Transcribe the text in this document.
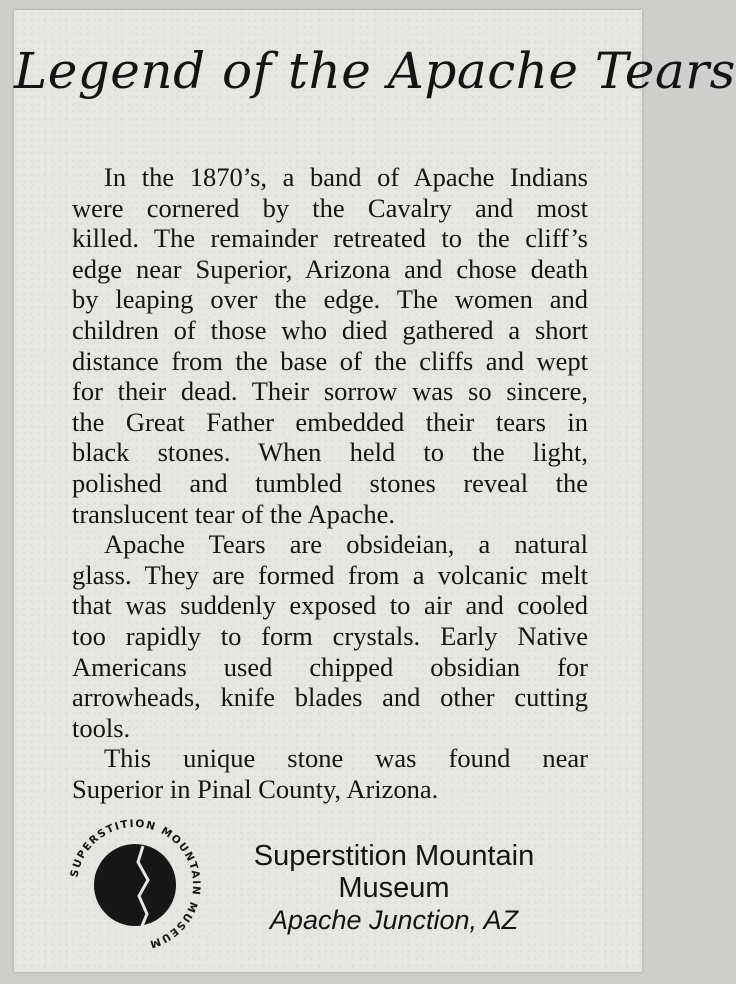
Legend of the Apache Tears
In the 1870’s, a band of Apache Indians
were cornered by the Cavalry and most
killed. The remainder retreated to the cliff’s
edge near Superior, Arizona and chose death
by leaping over the edge. The women and
children of those who died gathered a short
distance from the base of the cliffs and wept
for their dead. Their sorrow was so sincere,
the Great Father embedded their tears in
black stones. When held to the light,
polished and tumbled stones reveal the
translucent tear of the Apache.
Apache Tears are obsideian, a natural
glass. They are formed from a volcanic melt
that was suddenly exposed to air and cooled
too rapidly to form crystals. Early Native
Americans used chipped obsidian for
arrowheads, knife blades and other cutting
tools.
This unique stone was found near
Superior in Pinal County, Arizona.
SUPERSTITION MOUNTAIN MUSEUM
Superstition Mountain
Museum
Apache Junction, AZ
